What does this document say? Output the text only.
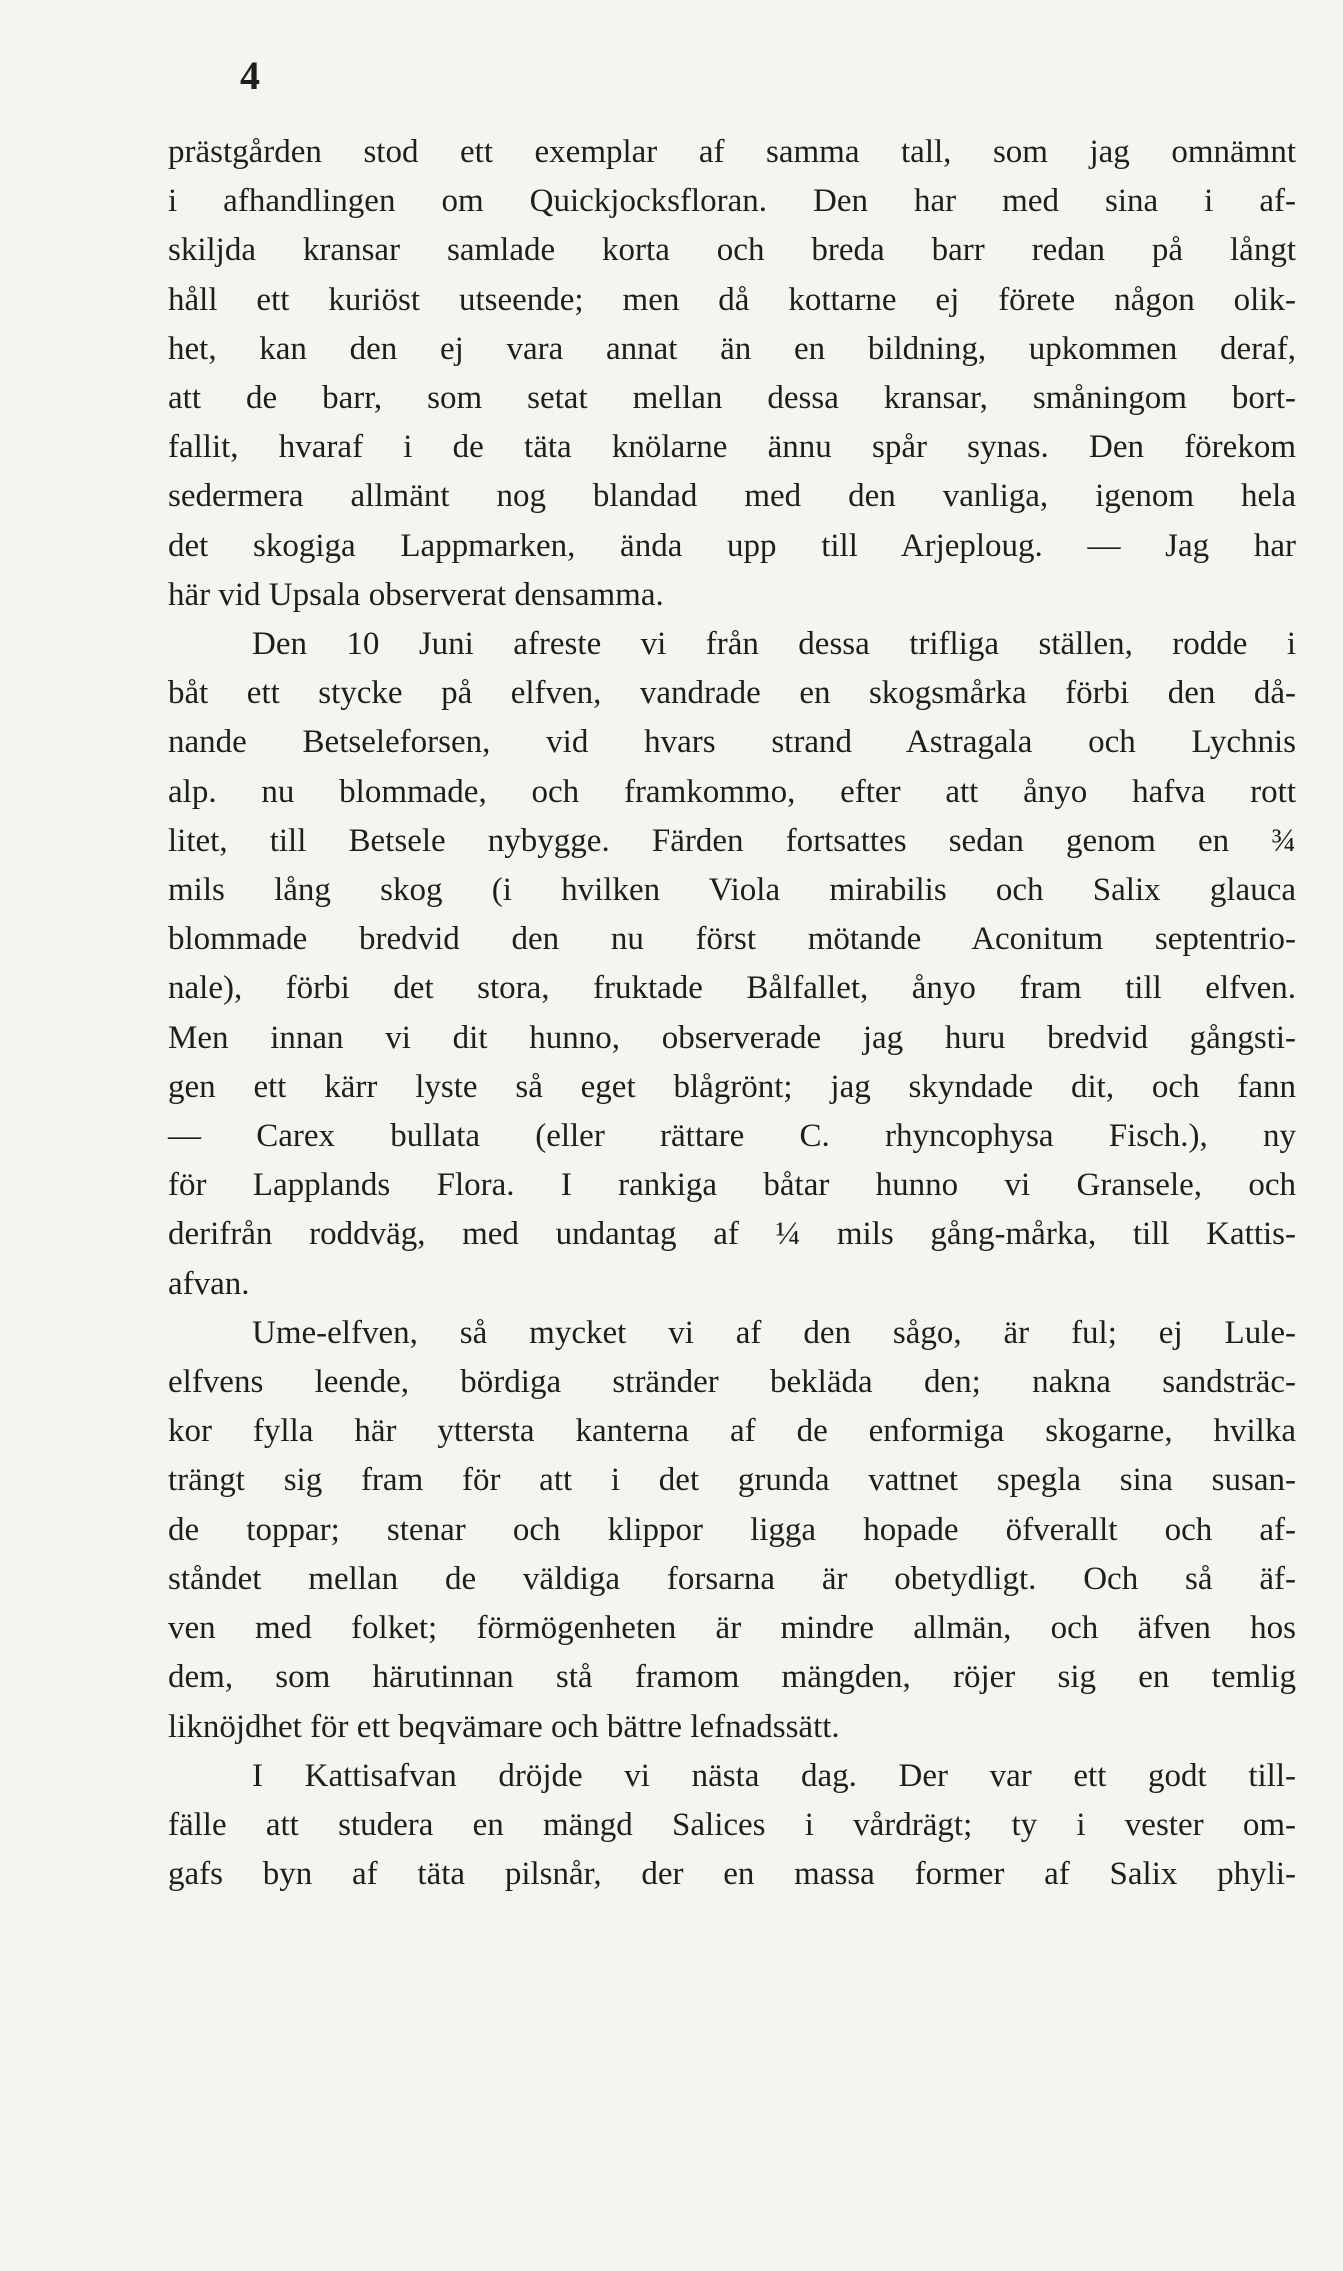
4
prästgården stod ett exemplar af samma tall, som jag omnämnt
i afhandlingen om Quickjocksfloran. Den har med sina i af-
skiljda kransar samlade korta och breda barr redan på långt
håll ett kuriöst utseende; men då kottarne ej förete någon olik-
het, kan den ej vara annat än en bildning, upkommen deraf,
att de barr, som setat mellan dessa kransar, småningom bort-
fallit, hvaraf i de täta knölarne ännu spår synas. Den förekom
sedermera allmänt nog blandad med den vanliga, igenom hela
det skogiga Lappmarken, ända upp till Arjeploug. — Jag har
här vid Upsala observerat densamma.
Den 10 Juni afreste vi från dessa trifliga ställen, rodde i
båt ett stycke på elfven, vandrade en skogsmårka förbi den då-
nande Betseleforsen, vid hvars strand Astragala och Lychnis
alp. nu blommade, och framkommo, efter att ånyo hafva rott
litet, till Betsele nybygge. Färden fortsattes sedan genom en ¾
mils lång skog (i hvilken Viola mirabilis och Salix glauca
blommade bredvid den nu först mötande Aconitum septentrio-
nale), förbi det stora, fruktade Bålfallet, ånyo fram till elfven.
Men innan vi dit hunno, observerade jag huru bredvid gångsti-
gen ett kärr lyste så eget blågrönt; jag skyndade dit, och fann
— Carex bullata (eller rättare C. rhyncophysa Fisch.), ny
för Lapplands Flora. I rankiga båtar hunno vi Gransele, och
derifrån roddväg, med undantag af ¼ mils gång-mårka, till Kattis-
afvan.
Ume-elfven, så mycket vi af den sågo, är ful; ej Lule-
elfvens leende, bördiga stränder bekläda den; nakna sandsträc-
kor fylla här yttersta kanterna af de enformiga skogarne, hvilka
trängt sig fram för att i det grunda vattnet spegla sina susan-
de toppar; stenar och klippor ligga hopade öfverallt och af-
ståndet mellan de väldiga forsarna är obetydligt. Och så äf-
ven med folket; förmögenheten är mindre allmän, och äfven hos
dem, som härutinnan stå framom mängden, röjer sig en temlig
liknöjdhet för ett beqvämare och bättre lefnadssätt.
I Kattisafvan dröjde vi nästa dag. Der var ett godt till-
fälle att studera en mängd Salices i vårdrägt; ty i vester om-
gafs byn af täta pilsnår, der en massa former af Salix phyli-
